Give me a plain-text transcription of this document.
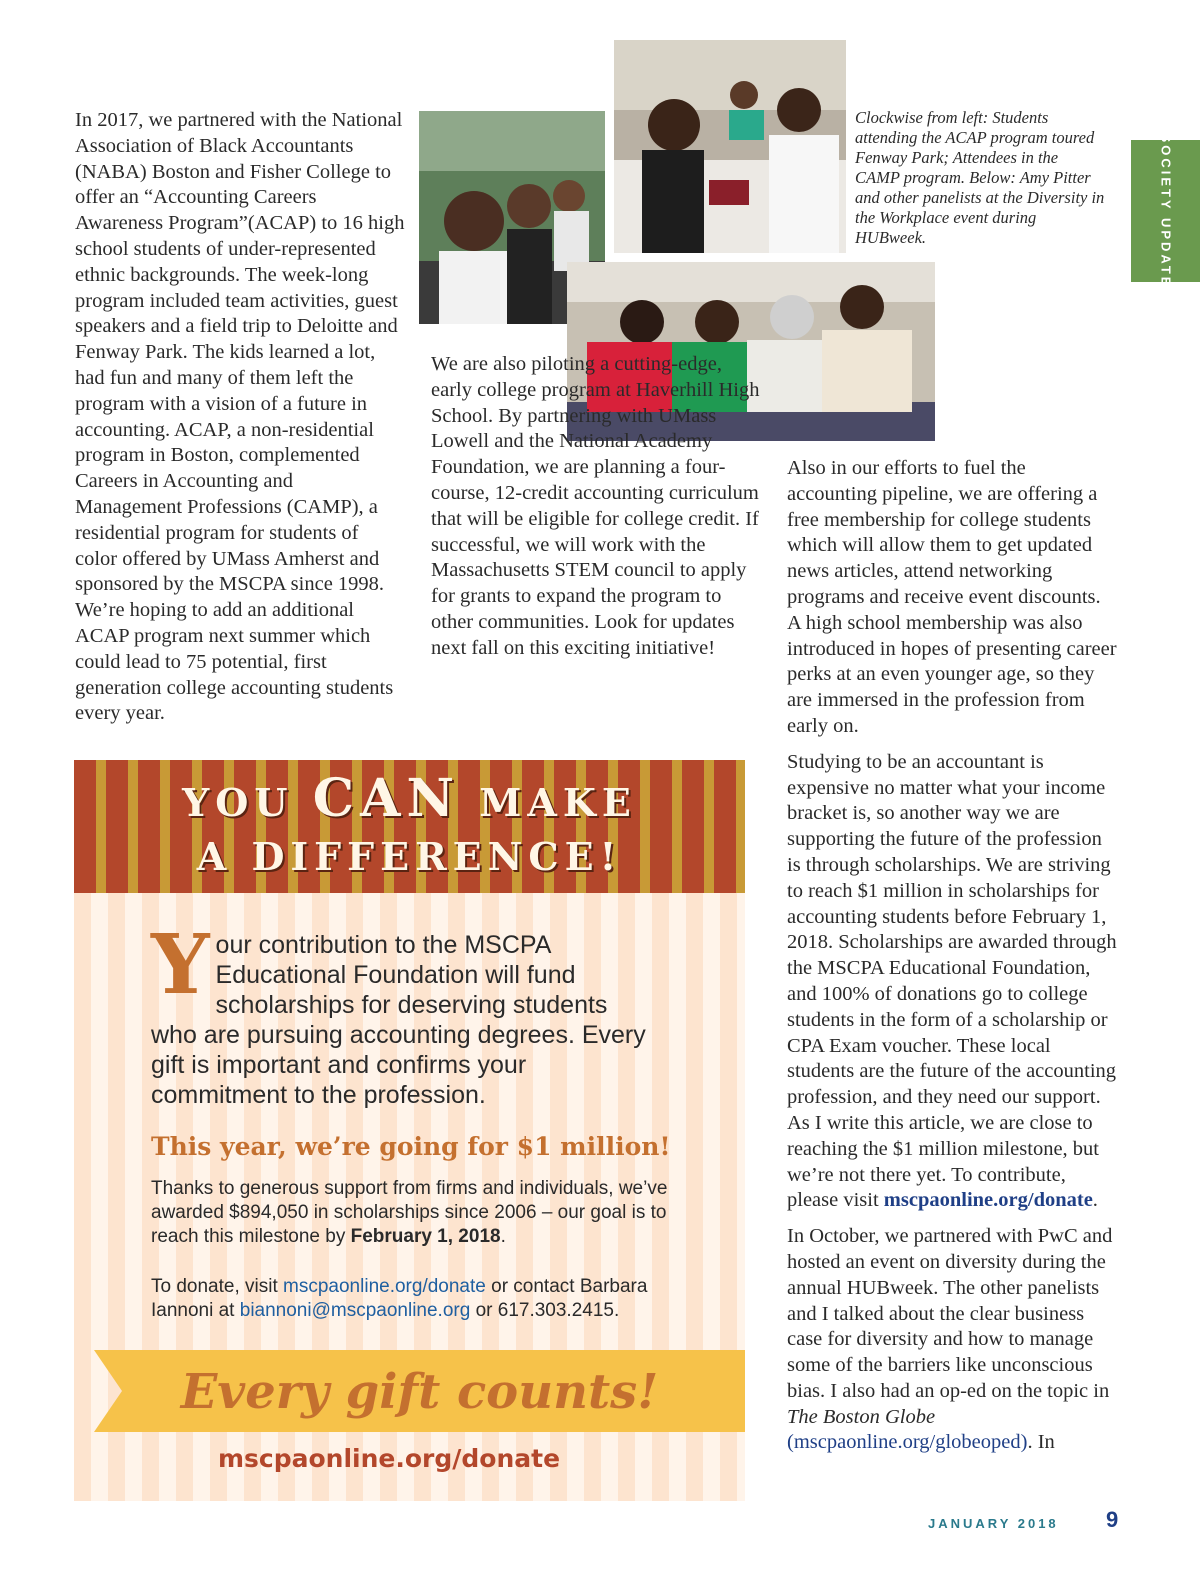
In 2017, we partnered with the National Association of Black Accountants (NABA) Boston and Fisher College to offer an “Accounting Careers Awareness Program”(ACAP) to 16 high school students of under-represented ethnic backgrounds. The week-long program included team activities, guest speakers and a field trip to Deloitte and Fenway Park. The kids learned a lot, had fun and many of them left the program with a vision of a future in accounting. ACAP, a non-residential program in Boston, complemented Careers in Accounting and Management Professions (CAMP), a residential program for students of color offered by UMass Amherst and sponsored by the MSCPA since 1998. We’re hoping to add an additional ACAP program next summer which could lead to 75 potential, first generation college accounting students every year.

Clockwise from left: Students attending the ACAP program toured Fenway Park; Attendees in the CAMP program. Below: Amy Pitter and other panelists at the Diversity in the Workplace event during HUBweek.	SOCIETY UPDATE

We are also piloting a cutting-edge, early college program at Haverhill High School. By partnering with UMass Lowell and the National Academy Foundation, we are planning a four-course, 12-credit accounting curriculum that will be eligible for college credit. If successful, we will work with the Massachusetts STEM council to apply for grants to expand the program to other communities. Look for updates next fall on this exciting initiative!

Also in our efforts to fuel the accounting pipeline, we are offering a free membership for college students which will allow them to get updated news articles, attend networking programs and receive event discounts. A high school membership was also introduced in hopes of presenting career perks at an even younger age, so they are immersed in the profession from early on.

Studying to be an accountant is expensive no matter what your income bracket is, so another way we are supporting the future of the profession is through scholarships. We are striving to reach $1 million in scholarships for accounting students before February 1, 2018. Scholarships are awarded through the MSCPA Educational Foundation, and 100% of donations go to college students in the form of a scholarship or CPA Exam voucher. These local students are the future of the accounting profession, and they need our support. As I write this article, we are close to reaching the $1 million milestone, but we’re not there yet. To contribute, please visit mscpaonline.org/donate.

In October, we partnered with PwC and hosted an event on diversity during the annual HUBweek. The other panelists and I talked about the clear business case for diversity and how to manage some of the barriers like unconscious bias. I also had an op-ed on the topic in The Boston Globe (mscpaonline.org/globeoped). In

YOU CAN MAKE
A DIFFERENCE!
Your contribution to the MSCPA Educational Foundation will fund scholarships for deserving students who are pursuing accounting degrees. Every gift is important and confirms your commitment to the profession.
This year, we’re going for $1 million!
Thanks to generous support from firms and individuals, we’ve awarded $894,050 in scholarships since 2006 – our goal is to reach this milestone by February 1, 2018.
To donate, visit mscpaonline.org/donate or contact Barbara Iannoni at biannoni@mscpaonline.org or 617.303.2415.
Every gift counts!
mscpaonline.org/donate
JANUARY 2018 9
